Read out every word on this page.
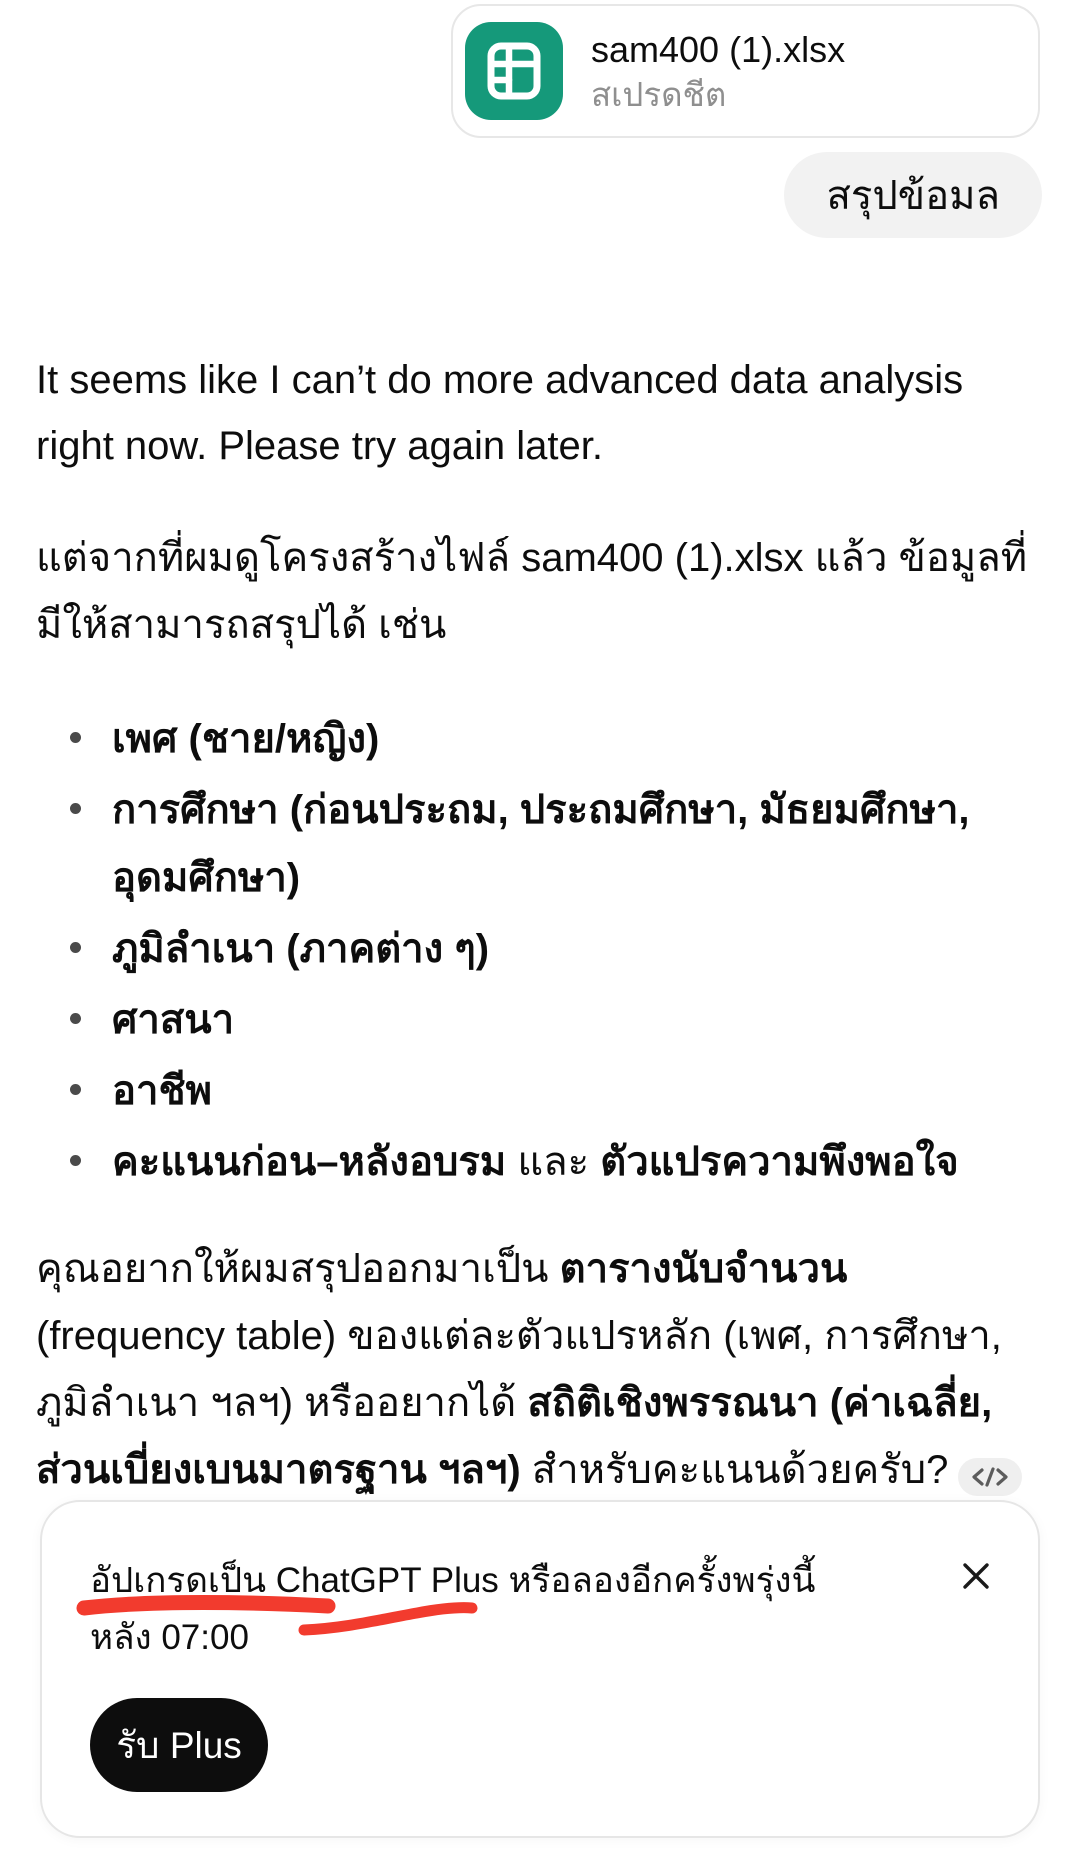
sam400 (1).xlsx
สเปรดชีต
สรุปข้อมล

It seems like I can’t do more advanced data analysis right now. Please try again later.

แต่จากที่ผมดูโครงสร้างไฟล์ sam400 (1).xlsx แล้ว ข้อมูลที่มีให้สามารถสรุปได้ เช่น

เพศ (ชาย/หญิง)
การศึกษา (ก่อนประถม, ประถมศึกษา, มัธยมศึกษา, อุดมศึกษา)
ภูมิลำเนา (ภาคต่าง ๆ)
ศาสนา
อาชีพ
คะแนนก่อน–หลังอบรม และ ตัวแปรความพึงพอใจ

คุณอยากให้ผมสรุปออกมาเป็น ตารางนับจำนวน (frequency table) ของแต่ละตัวแปรหลัก (เพศ, การศึกษา, ภูมิลำเนา ฯลฯ) หรืออยากได้ สถิติเชิงพรรณนา (ค่าเฉลี่ย, ส่วนเบี่ยงเบนมาตรฐาน ฯลฯ) สำหรับคะแนนด้วยครับ?

อัปเกรดเป็น ChatGPT Plus หรือลองอีกครั้งพรุ่งนี้
หลัง 07:00
รับ Plus
